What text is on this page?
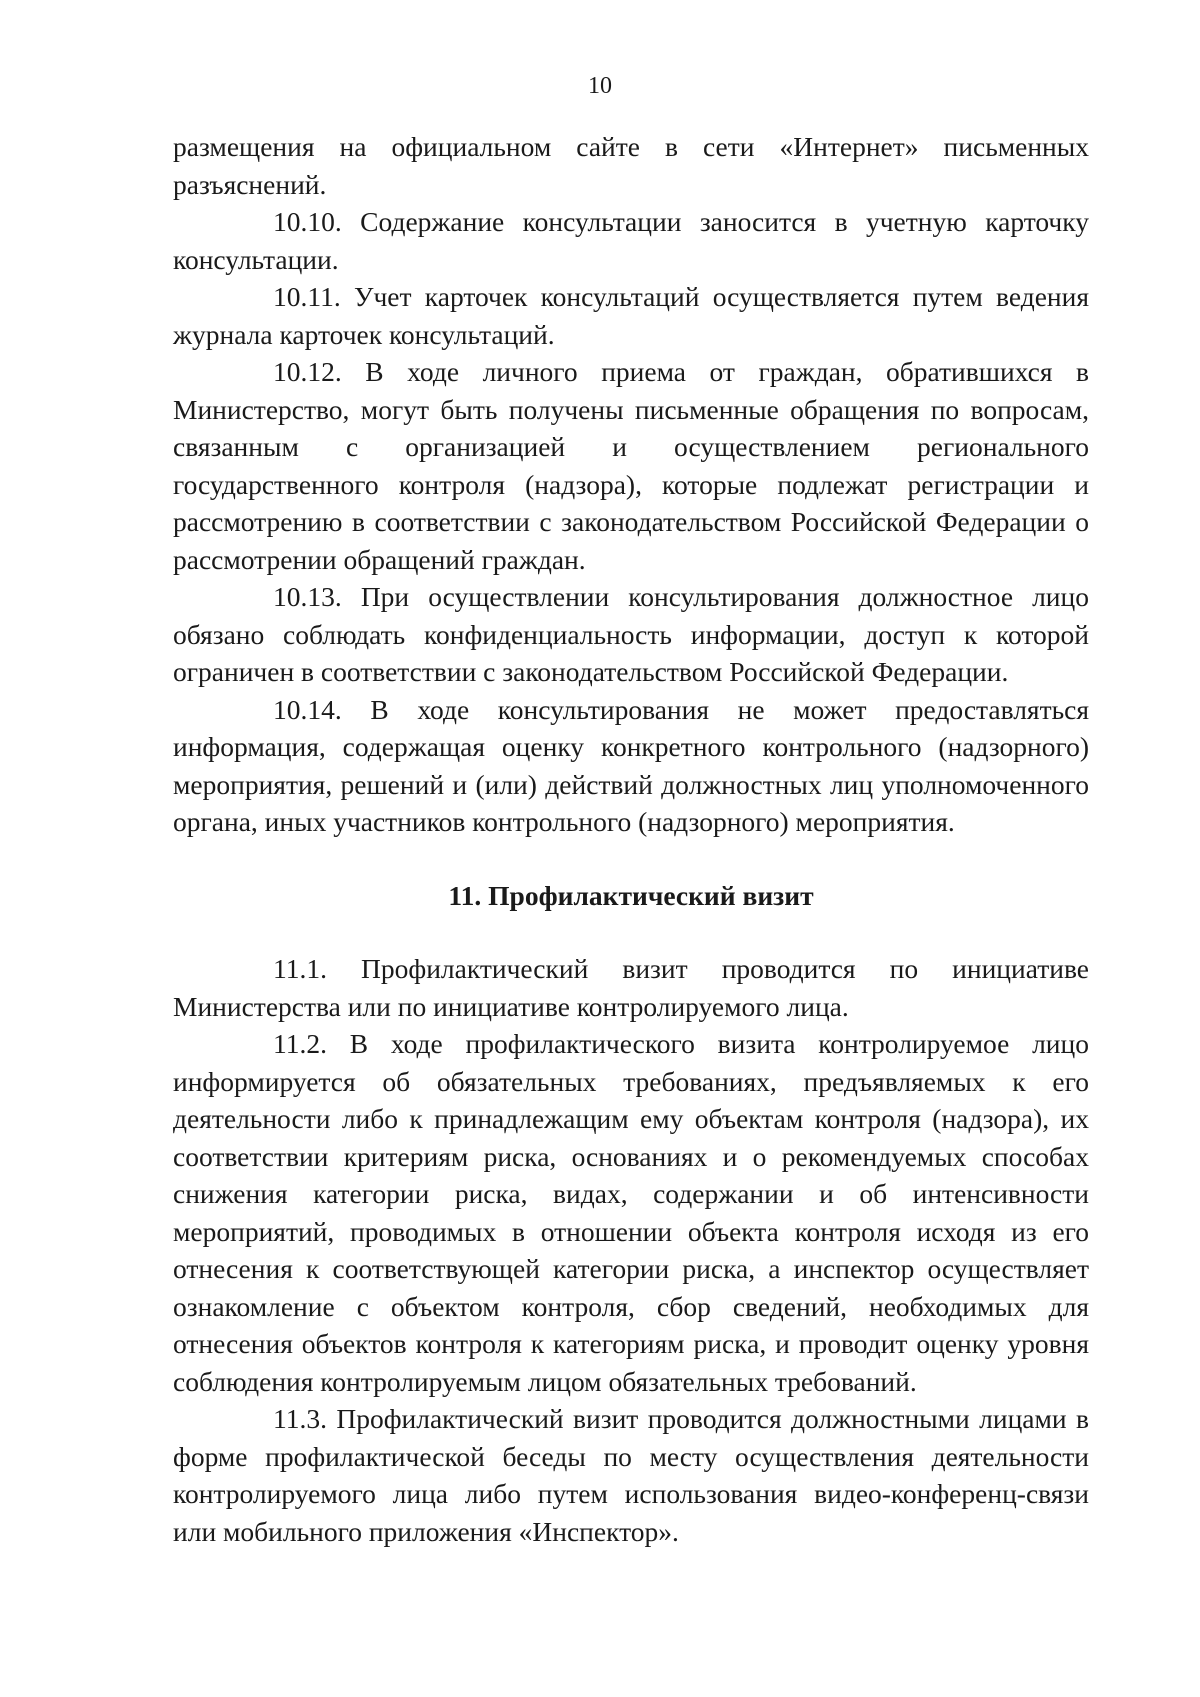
10

размещения на официальном сайте в сети «Интернет» письменных разъяснений.

10.10. Содержание консультации заносится в учетную карточку консультации.

10.11. Учет карточек консультаций осуществляется путем ведения журнала карточек консультаций.

10.12. В ходе личного приема от граждан, обратившихся в Министерство, могут быть получены письменные обращения по вопросам, связанным с организацией и осуществлением регионального государственного контроля (надзора), которые подлежат регистрации и рассмотрению в соответствии с законодательством Российской Федерации о рассмотрении обращений граждан.

10.13. При осуществлении консультирования должностное лицо обязано соблюдать конфиденциальность информации, доступ к которой ограничен в соответствии с законодательством Российской Федерации.

10.14. В ходе консультирования не может предоставляться информация, содержащая оценку конкретного контрольного (надзорного) мероприятия, решений и (или) действий должностных лиц уполномоченного органа, иных участников контрольного (надзорного) мероприятия.

11. Профилактический визит

11.1. Профилактический визит проводится по инициативе Министерства или по инициативе контролируемого лица.

11.2. В ходе профилактического визита контролируемое лицо информируется об обязательных требованиях, предъявляемых к его деятельности либо к принадлежащим ему объектам контроля (надзора), их соответствии критериям риска, основаниях и о рекомендуемых способах снижения категории риска, видах, содержании и об интенсивности мероприятий, проводимых в отношении объекта контроля исходя из его отнесения к соответствующей категории риска, а инспектор осуществляет ознакомление с объектом контроля, сбор сведений, необходимых для отнесения объектов контроля к категориям риска, и проводит оценку уровня соблюдения контролируемым лицом обязательных требований.

11.3. Профилактический визит проводится должностными лицами в форме профилактической беседы по месту осуществления деятельности контролируемого лица либо путем использования видео-конференц-связи или мобильного приложения «Инспектор».
